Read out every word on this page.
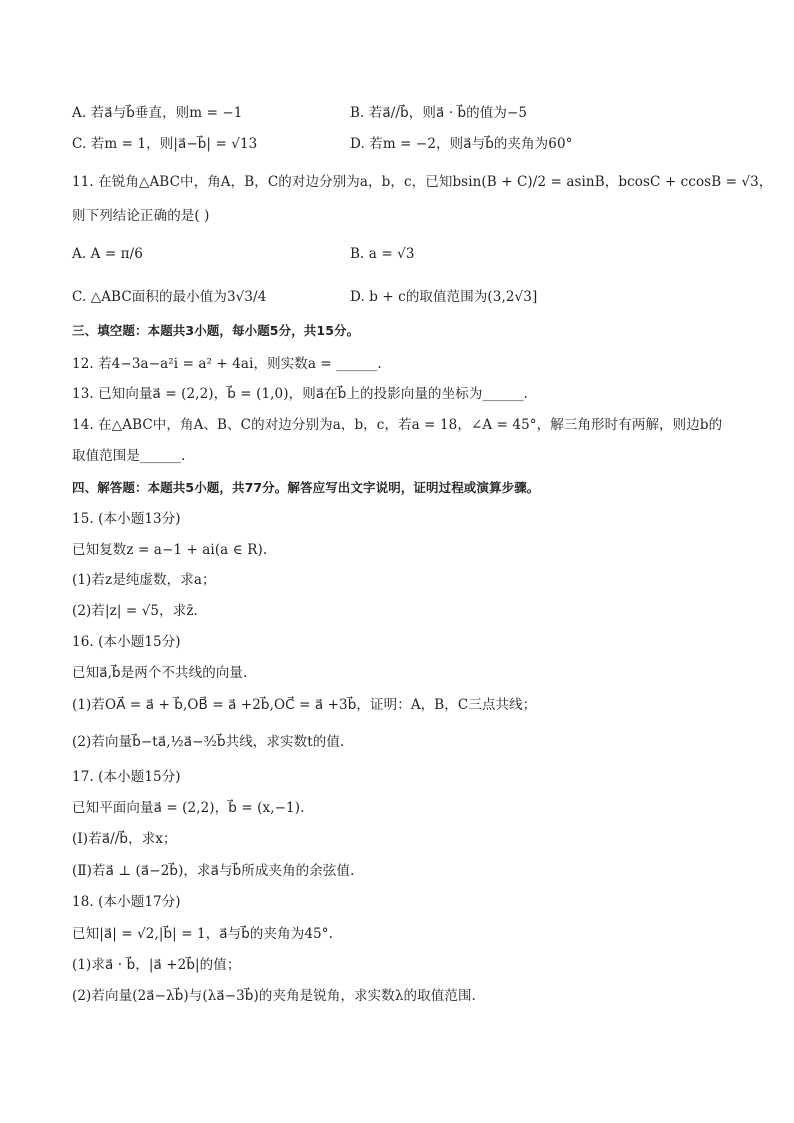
A. 若a⃗与b⃗垂直，则m = −1	B. 若a⃗//b⃗，则a⃗ · b⃗的值为−5
C. 若m = 1，则|a⃗−b⃗| = √13	D. 若m = −2，则a⃗与b⃗的夹角为60°
11. 在锐角△ABC中，角A，B，C的对边分别为a，b，c，已知bsin(B + C)/2 = asinB，bcosC + ccosB = √3，
则下列结论正确的是( )
A. A = π/6	B. a = √3
C. △ABC面积的最小值为3√3/4	D. b + c的取值范围为(3,2√3]
三、填空题：本题共3小题，每小题5分，共15分。
12. 若4−3a−a²i = a² + 4ai，则实数a = ______.
13. 已知向量a⃗ = (2,2)，b⃗ = (1,0)，则a⃗在b⃗上的投影向量的坐标为______.
14. 在△ABC中，角A、B、C的对边分别为a，b，c，若a = 18，∠A = 45°，解三角形时有两解，则边b的
取值范围是______.
四、解答题：本题共5小题，共77分。解答应写出文字说明，证明过程或演算步骤。
15. (本小题13分)
已知复数z = a−1 + ai(a ∈ R).
(1)若z是纯虚数，求a；
(2)若|z| = √5，求z̄.
16. (本小题15分)
已知a⃗,b⃗是两个不共线的向量.
(1)若OA⃗ = a⃗ + b⃗,OB⃗ = a⃗ +2b⃗,OC⃗ = a⃗ +3b⃗，证明：A，B，C三点共线；
(2)若向量b⃗−ta⃗,½a⃗−³⁄₂b⃗共线，求实数t的值.
17. (本小题15分)
已知平面向量a⃗ = (2,2)，b⃗ = (x,−1).
(Ⅰ)若a⃗//b⃗，求x；
(Ⅱ)若a⃗ ⊥ (a⃗−2b⃗)，求a⃗与b⃗所成夹角的余弦值.
18. (本小题17分)
已知|a⃗| = √2,|b⃗| = 1，a⃗与b⃗的夹角为45°.
(1)求a⃗ · b⃗，|a⃗ +2b⃗|的值；
(2)若向量(2a⃗−λb⃗)与(λa⃗−3b⃗)的夹角是锐角，求实数λ的取值范围.
